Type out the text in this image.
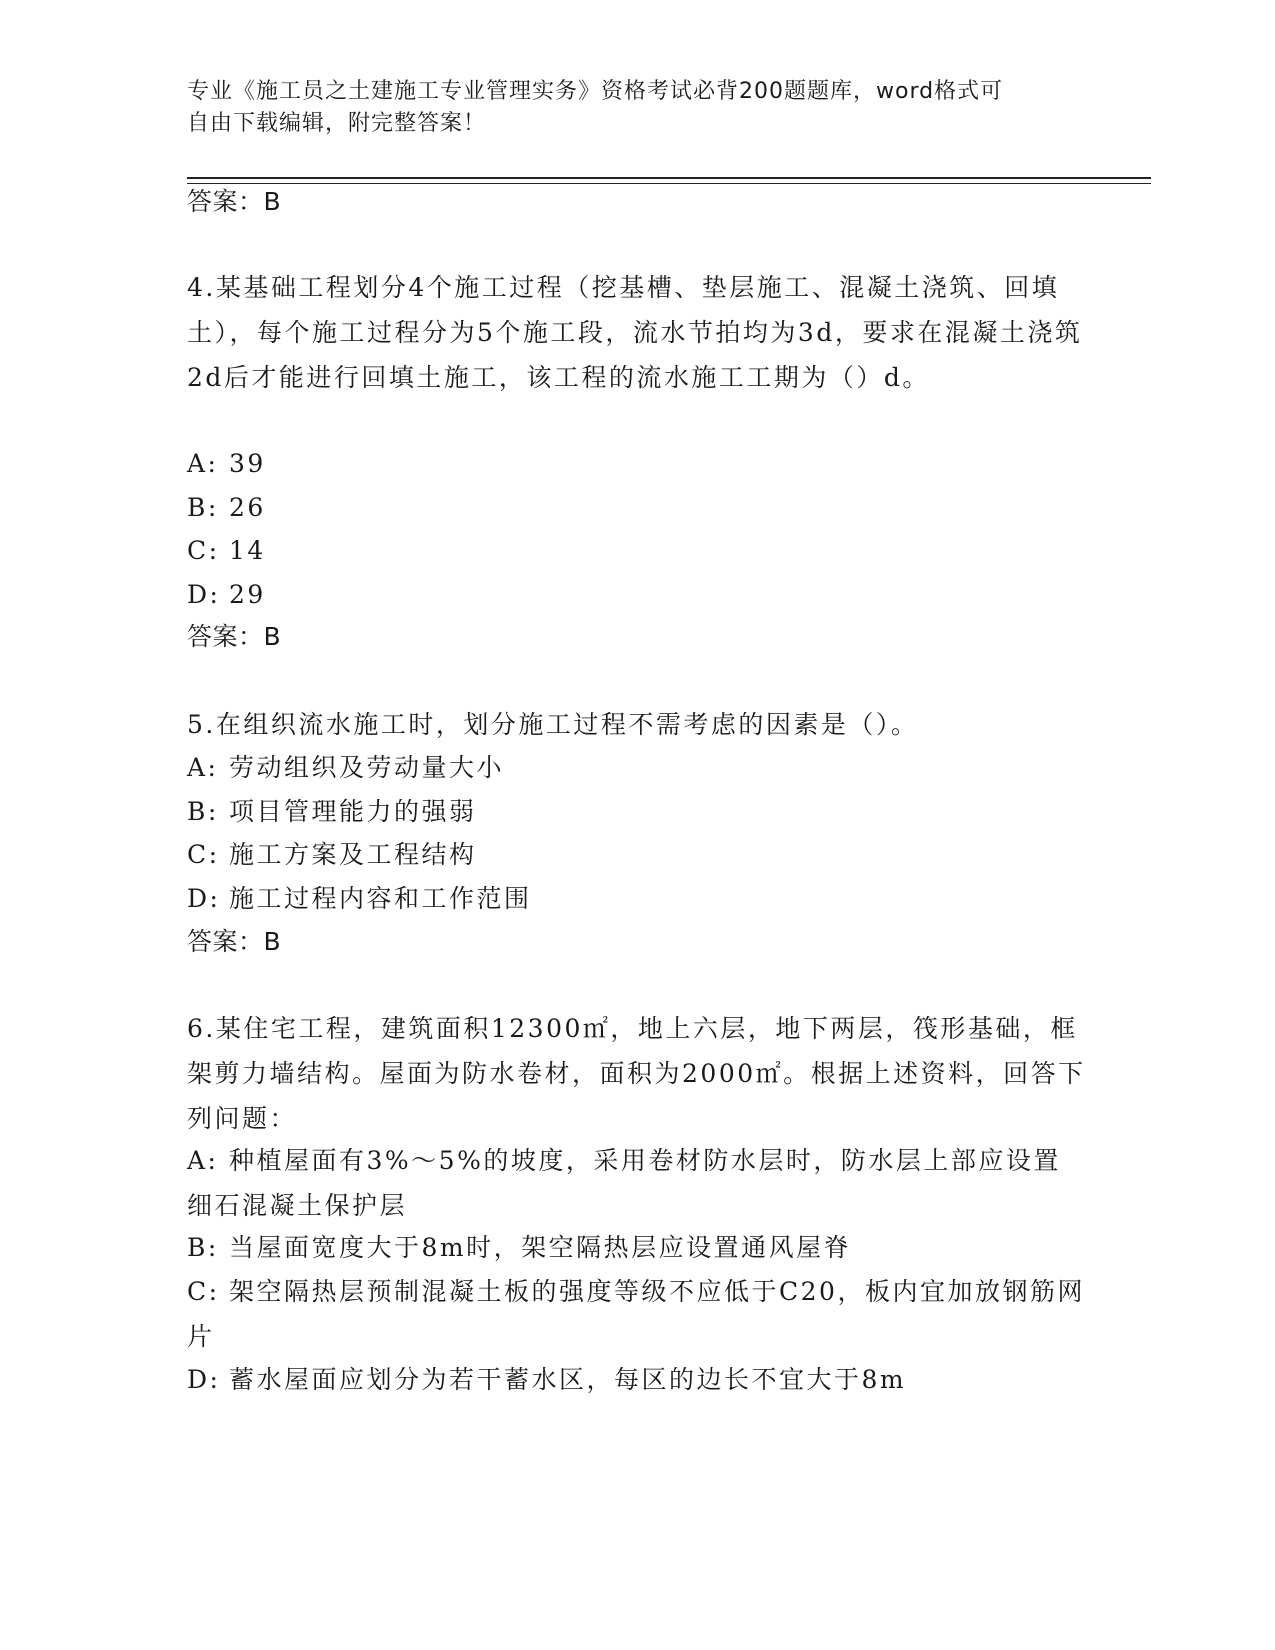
专业《施工员之土建施工专业管理实务》资格考试必背200题题库，word格式可
自由下载编辑，附完整答案！
答案：B
4.某基础工程划分4个施工过程（挖基槽、垫层施工、混凝土浇筑、回填土），每个施工过程分为5个施工段，流水节拍均为3d，要求在混凝土浇筑2d后才能进行回填土施工，该工程的流水施工工期为（）d。
A: 39
B: 26
C: 14
D: 29
答案：B
5.在组织流水施工时，划分施工过程不需考虑的因素是（）。
A: 劳动组织及劳动量大小
B: 项目管理能力的强弱
C: 施工方案及工程结构
D: 施工过程内容和工作范围
答案：B
6.某住宅工程，建筑面积12300㎡，地上六层，地下两层，筏形基础，框架剪力墙结构。屋面为防水卷材，面积为2000㎡。根据上述资料，回答下列问题：
A: 种植屋面有3%～5%的坡度，采用卷材防水层时，防水层上部应设置细石混凝土保护层
B: 当屋面宽度大于8m时，架空隔热层应设置通风屋脊
C: 架空隔热层预制混凝土板的强度等级不应低于C20，板内宜加放钢筋网片
D: 蓄水屋面应划分为若干蓄水区，每区的边长不宜大于8m
